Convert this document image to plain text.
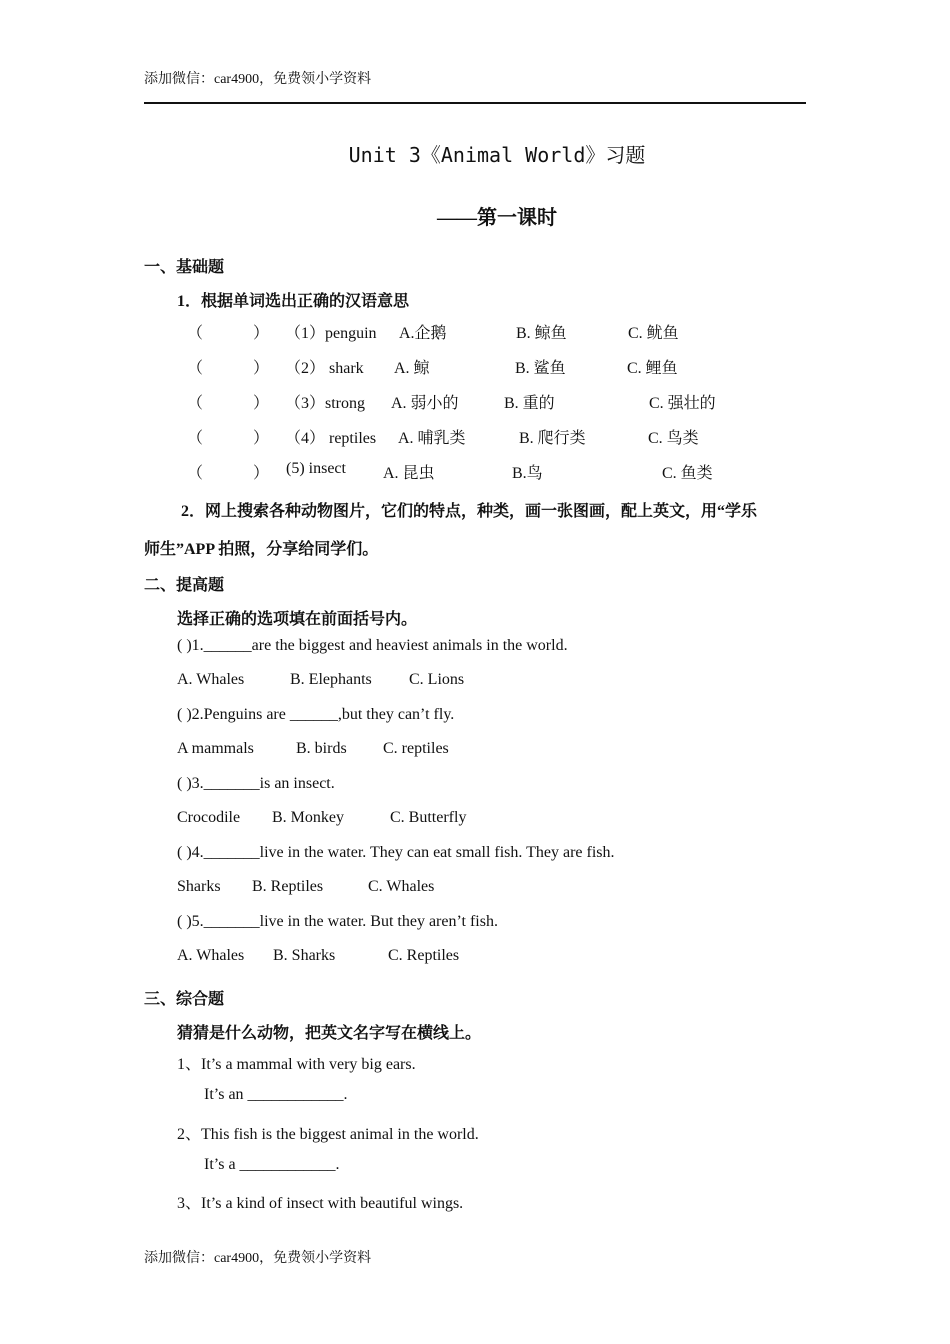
添加微信：car4900，免费领小学资料
Unit 3《Animal World》习题
——第一课时
一、基础题
1．根据单词选出正确的汉语意思
（	） （1）penguin A.企鹅	B. 鲸鱼	C. 鱿鱼
（	） （2） shark A. 鲸	B. 鲨鱼	C. 鲤鱼
（	） （3）strong A. 弱小的	B. 重的	C. 强壮的
（	） （4） reptiles A. 哺乳类	B. 爬行类	C. 鸟类
（	） (5) insect A. 昆虫	B.鸟	C. 鱼类
2．网上搜索各种动物图片，它们的特点，种类，画一张图画，配上英文，用“学乐
师生”APP 拍照，分享给同学们。
二、提高题
选择正确的选项填在前面括号内。
( )1.______are the biggest and heaviest animals in the world.
A. Whales	B. Elephants C. Lions
( )2.Penguins are ______,but they can’t fly.
A mammals	B. birds C. reptiles
( )3._______is an insect.
Crocodile B. Monkey	C. Butterfly
( )4._______live in the water. They can eat small fish. They are fish.
Sharks B. Reptiles	C. Whales
( )5._______live in the water. But they aren’t fish.
A. Whales B. Sharks	C. Reptiles
三、综合题
猜猜是什么动物，把英文名字写在横线上。
1、It’s a mammal with very big ears.
It’s an ____________.
2、This fish is the biggest animal in the world.
It’s a ____________.
3、It’s a kind of insect with beautiful wings.
添加微信：car4900，免费领小学资料
